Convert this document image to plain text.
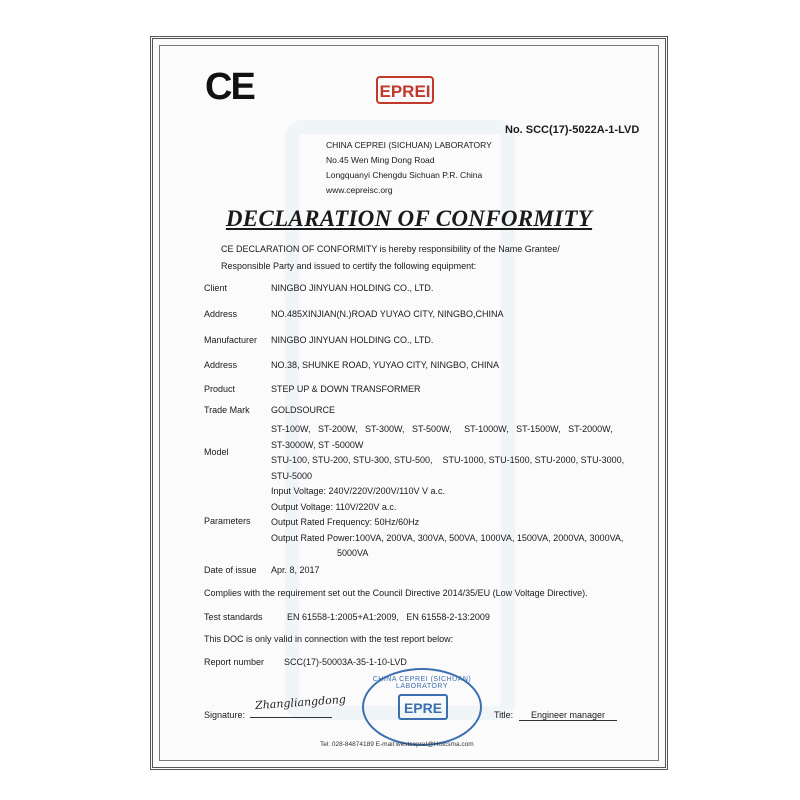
CE	EPREI
No. SCC(17)-5022A-1-LVD
CHINA CEPREI (SICHUAN) LABORATORY
No.45 Wen Ming Dong Road
Longquanyi Chengdu Sichuan P.R. China
www.cepreisc.org
DECLARATION OF CONFORMITY
CE DECLARATION OF CONFORMITY is hereby responsibility of the Name Grantee/
Responsible Party and issued to certify the following equipment:
Client	NINGBO JINYUAN HOLDING CO., LTD.
Address	NO.485XINJIAN(N.)ROAD YUYAO CITY, NINGBO,CHINA
Manufacturer NINGBO JINYUAN HOLDING CO., LTD.
Address	NO.38, SHUNKE ROAD, YUYAO CITY, NINGBO, CHINA
Product	STEP UP & DOWN TRANSFORMER
Trade Mark GOLDSOURCE
Model
ST-100W,   ST-200W,   ST-300W,   ST-500W,     ST-1000W,   ST-1500W,   ST-2000W,
ST-3000W, ST -5000W
STU-100, STU-200, STU-300, STU-500,    STU-1000, STU-1500, STU-2000, STU-3000,
STU-5000
Parameters
Input Voltage: 240V/220V/200V/110V V a.c.
Output Voltage: 110V/220V a.c.
Output Rated Frequency: 50Hz/60Hz
Output Rated Power:100VA, 200VA, 300VA, 500VA, 1000VA, 1500VA, 2000VA, 3000VA,
5000VA
Date of issue Apr. 8, 2017
Complies with the requirement set out the Council Directive 2014/35/EU (Low Voltage Directive).
Test standards	EN 61558-1:2005+A1:2009,   EN 61558-2-13:2009
This DOC is only valid in connection with the test report below:
Report number SCC(17)-50003A-35-1-10-LVD
Signature:
Zhangliangdong
CHINA CEPREI (SICHUAN) LABORATORY
EPRE	Title:	Engineer manager
Tel: 028-84874189 E-mail:westcepreI@Hotcsma.com
